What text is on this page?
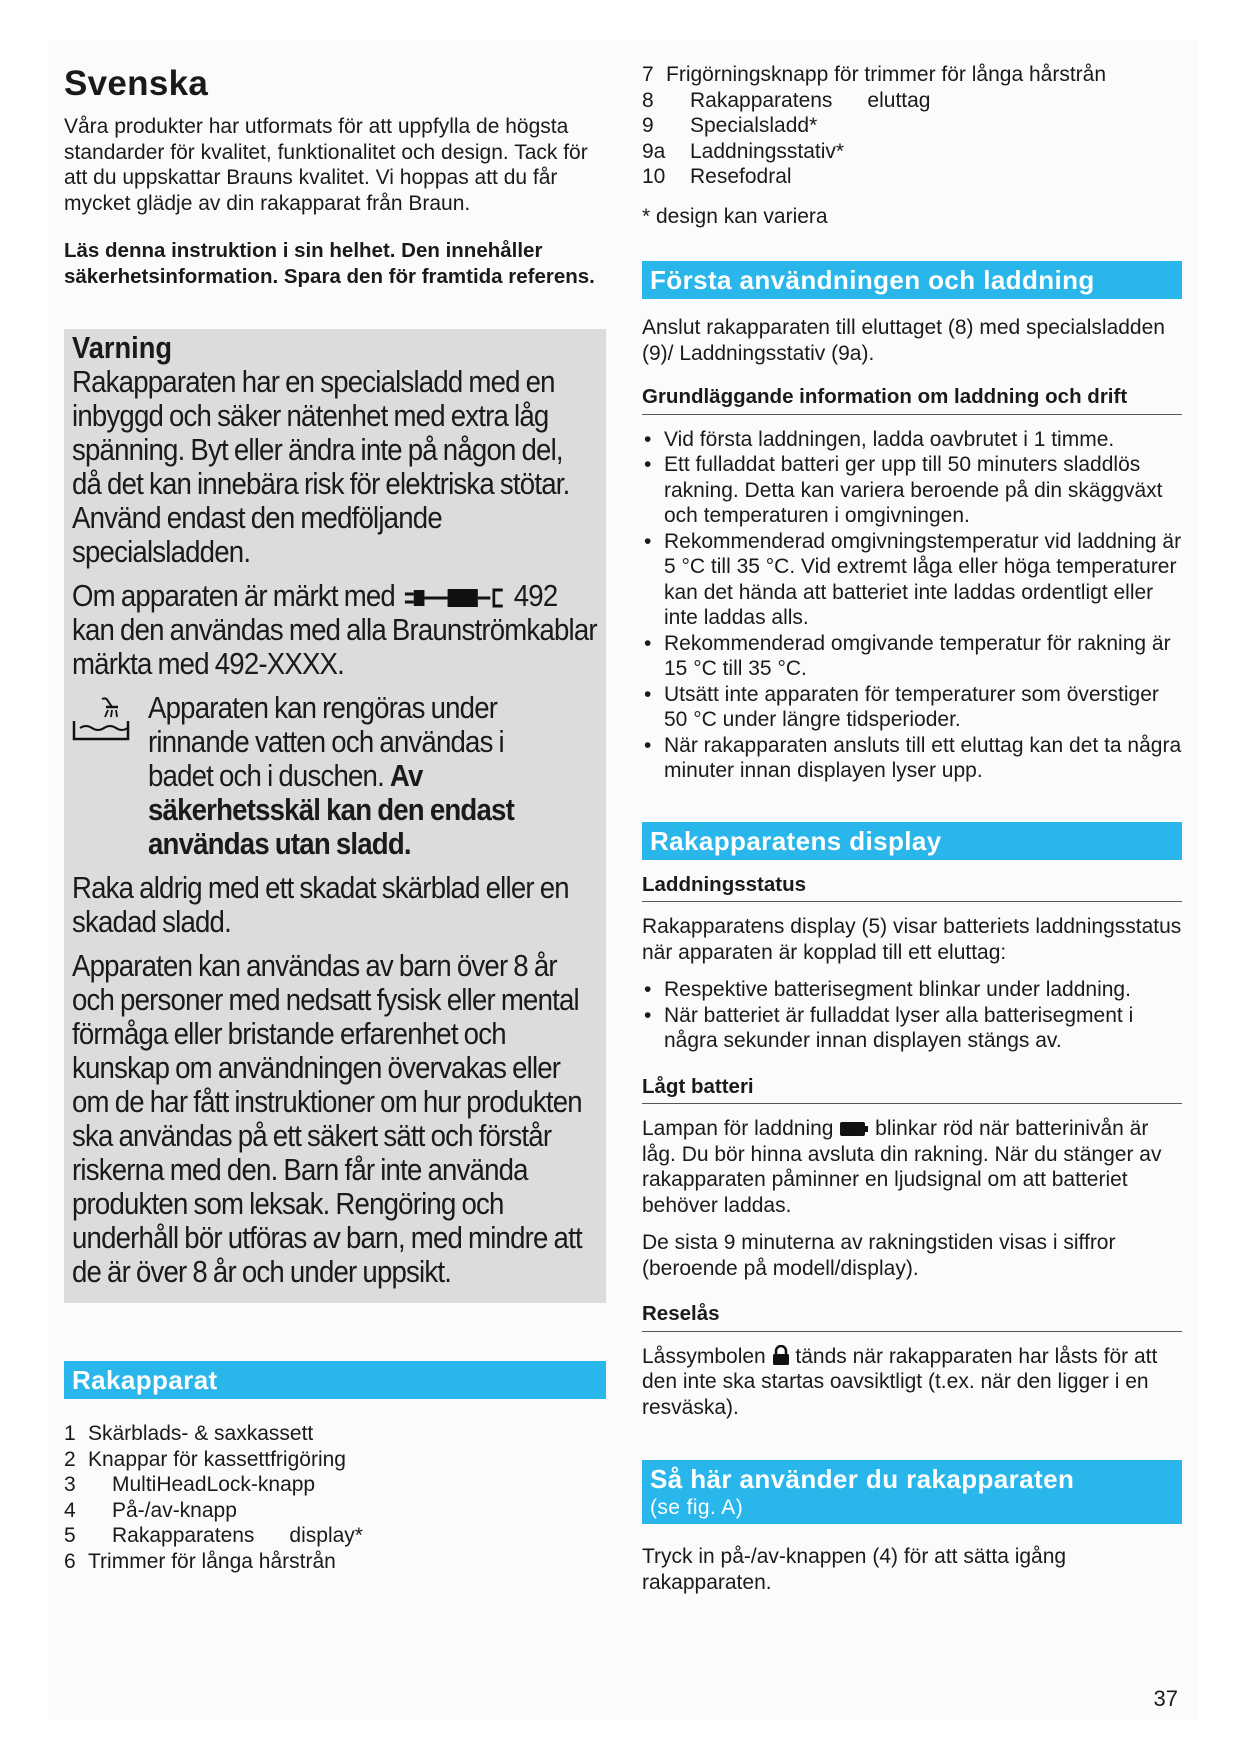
Svenska

Våra produkter har utformats för att uppfylla de högsta standarder för kvalitet, funktionalitet och design. Tack för att du uppskattar Brauns kvalitet. Vi hoppas att du får mycket glädje av din rakapparat från Braun.

Läs denna instruktion i sin helhet. Den innehåller säkerhetsinformation. Spara den för framtida referens.

Varning

Rakapparaten har en specialsladd med en inbyggd och säker nätenhet med extra låg spänning. Byt eller ändra inte på någon del, då det kan innebära risk för elektriska stötar. Använd endast den medföljande specialsladden.

Om apparaten är märkt med	492 kan den användas med alla Braunströmkablar märkta med 492-XXXX.

Apparaten kan rengöras under rinnande vatten och användas i badet och i duschen. Av säkerhetsskäl kan den endast användas utan sladd.

Raka aldrig med ett skadat skärblad eller en skadad sladd.

Apparaten kan användas av barn över 8 år och personer med nedsatt fysisk eller mental förmåga eller bristande erfarenhet och kunskap om användningen övervakas eller om de har fått instruktioner om hur produkten ska användas på ett säkert sätt och förstår riskerna med den. Barn får inte använda produkten som leksak. Rengöring och underhåll bör utföras av barn, med mindre att de är över 8 år och under uppsikt.

Rakapparat
1 Skärblads- & saxkassett
2 Knappar för kassettfrigöring
3	MultiHeadLock-knapp
4	På-/av-knapp
5	Rakapparatens      display*
6 Trimmer för långa hårstrån
7 Frigörningsknapp för trimmer för långa hårstrån
8	Rakapparatens      eluttag
9	Specialsladd*
9a	Laddningsstativ*
10	Resefodral

* design kan variera

Första användningen och laddning

Anslut rakapparaten till eluttaget (8) med specialsladden (9)/ Laddningsstativ (9a).

Grundläggande information om laddning och drift
• Vid första laddningen, ladda oavbrutet i 1 timme.
• Ett fulladdat batteri ger upp till 50 minuters sladdlös rakning. Detta kan variera beroende på din skäggväxt och temperaturen i omgivningen.
• Rekommenderad omgivningstemperatur vid laddning är 5 °C till 35 °C. Vid extremt låga eller höga temperaturer kan det hända att batteriet inte laddas ordentligt eller inte laddas alls.
• Rekommenderad omgivande temperatur för rakning är 15 °C till 35 °C.
• Utsätt inte apparaten för temperaturer som överstiger 50 °C under längre tidsperioder.
• När rakapparaten ansluts till ett eluttag kan det ta några minuter innan displayen lyser upp.
Rakapparatens display
Laddningsstatus

Rakapparatens display (5) visar batteriets laddningsstatus när apparaten är kopplad till ett eluttag:

• Respektive batterisegment blinkar under laddning.
• När batteriet är fulladdat lyser alla batterisegment i några sekunder innan displayen stängs av.
Lågt batteri

Lampan för laddning blinkar röd när batterinivån är låg. Du bör hinna avsluta din rakning. När du stänger av rakapparaten påminner en ljudsignal om att batteriet behöver laddas.

De sista 9 minuterna av rakningstiden visas i siffror (beroende på modell/display).

Reselås

Låssymbolen tänds när rakapparaten har låsts för att den inte ska startas oavsiktligt (t.ex. när den ligger i en resväska).

Så här använder du rakapparaten
(se fig. A)

Tryck in på-/av-knappen (4) för att sätta igång rakapparaten.

37
